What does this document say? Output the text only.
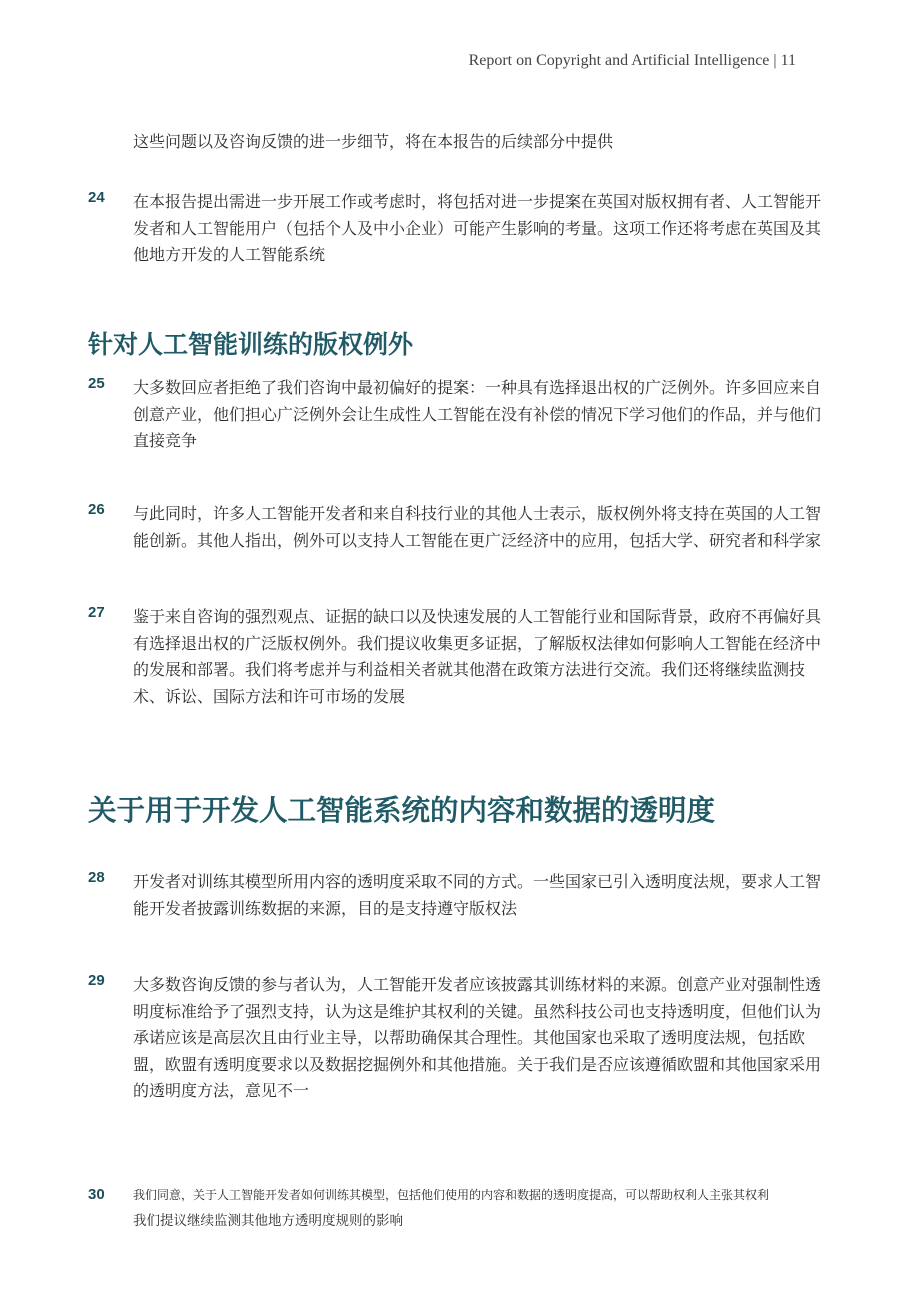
Report on Copyright and Artificial Intelligence | 11
这些问题以及咨询反馈的进一步细节，将在本报告的后续部分中提供
24 在本报告提出需进一步开展工作或考虑时，将包括对进一步提案在英国对版权拥有者、人工智能开发者和人工智能用户（包括个人及中小企业）可能产生影响的考量。这项工作还将考虑在英国及其他地方开发的人工智能系统
针对人工智能训练的版权例外
25 大多数回应者拒绝了我们咨询中最初偏好的提案：一种具有选择退出权的广泛例外。许多回应来自创意产业，他们担心广泛例外会让生成性人工智能在没有补偿的情况下学习他们的作品，并与他们直接竞争
26 与此同时，许多人工智能开发者和来自科技行业的其他人士表示，版权例外将支持在英国的人工智能创新。其他人指出，例外可以支持人工智能在更广泛经济中的应用，包括大学、研究者和科学家
27 鉴于来自咨询的强烈观点、证据的缺口以及快速发展的人工智能行业和国际背景，政府不再偏好具有选择退出权的广泛版权例外。我们提议收集更多证据，了解版权法律如何影响人工智能在经济中的发展和部署。我们将考虑并与利益相关者就其他潜在政策方法进行交流。我们还将继续监测技术、诉讼、国际方法和许可市场的发展
关于用于开发人工智能系统的内容和数据的透明度
28 开发者对训练其模型所用内容的透明度采取不同的方式。一些国家已引入透明度法规，要求人工智能开发者披露训练数据的来源，目的是支持遵守版权法
29 大多数咨询反馈的参与者认为，人工智能开发者应该披露其训练材料的来源。创意产业对强制性透明度标准给予了强烈支持，认为这是维护其权利的关键。虽然科技公司也支持透明度，但他们认为承诺应该是高层次且由行业主导，以帮助确保其合理性。其他国家也采取了透明度法规，包括欧盟，欧盟有透明度要求以及数据挖掘例外和其他措施。关于我们是否应该遵循欧盟和其他国家采用的透明度方法，意见不一
30 我们同意，关于人工智能开发者如何训练其模型，包括他们使用的内容和数据的透明度提高，可以帮助权利人主张其权利
我们提议继续监测其他地方透明度规则的影响
